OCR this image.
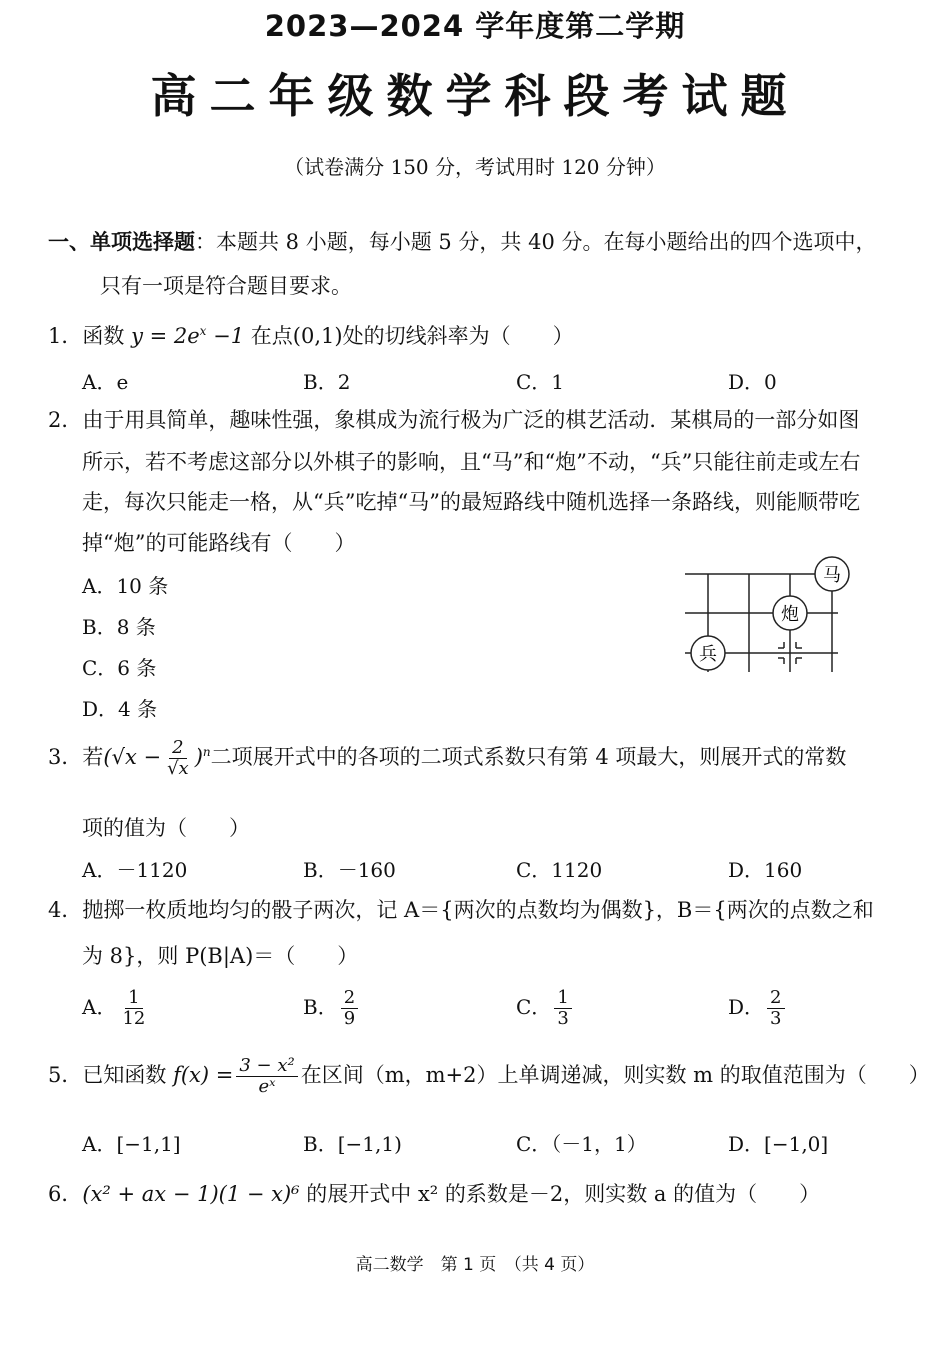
2023—2024 学年度第二学期
高二年级数学科段考试题
（试卷满分 150 分，考试用时 120 分钟）
一、单项选择题：本题共 8 小题，每小题 5 分，共 40 分。在每小题给出的四个选项中，
只有一项是符合题目要求。
1．函数 $y = 2e^x -1$ 在点(0,1)处的切线斜率为（　　）
A．e	B．2	C．1	D．0
2．由于用具简单，趣味性强，象棋成为流行极为广泛的棋艺活动．某棋局的一部分如图
所示，若不考虑这部分以外棋子的影响，且“马”和“炮”不动，“兵”只能往前走或左右
走，每次只能走一格，从“兵”吃掉“马”的最短路线中随机选择一条路线，则能顺带吃
掉“炮”的可能路线有（　　）
A．10 条
B．8 条
C．6 条
D．4 条
马
炮
兵
3．若$(√x - \frac{2}{√x} )^n$二项展开式中的各项的二项式系数只有第 4 项最大，则展开式的常数
项的值为（　　）
A．－1120	B．－160	C．1120	D．160
4．抛掷一枚质地均匀的骰子两次，记 A＝{两次的点数均为偶数}，B＝{两次的点数之和
为 8}，则 P(B|A)＝（　　）
A． $\frac{1}{12}$	B． $\frac{2}{9}$	C． $\frac{1}{3}$	D． $\frac{2}{3}$
5．已知函数 $f(x) = \frac{\text{3 − x²}}{\text{eˣ}}$ 在区间（m，m+2）上单调递减，则实数 m 的取值范围为（　　）
A．[−1,1]	B．[−1,1)	C．（－1，1）	D．[−1,0]
6．(x² + ax − 1)(1 − x)⁶ 的展开式中 x² 的系数是－2，则实数 a 的值为（　　）
高二数学　第 1 页　（共 4 页）
